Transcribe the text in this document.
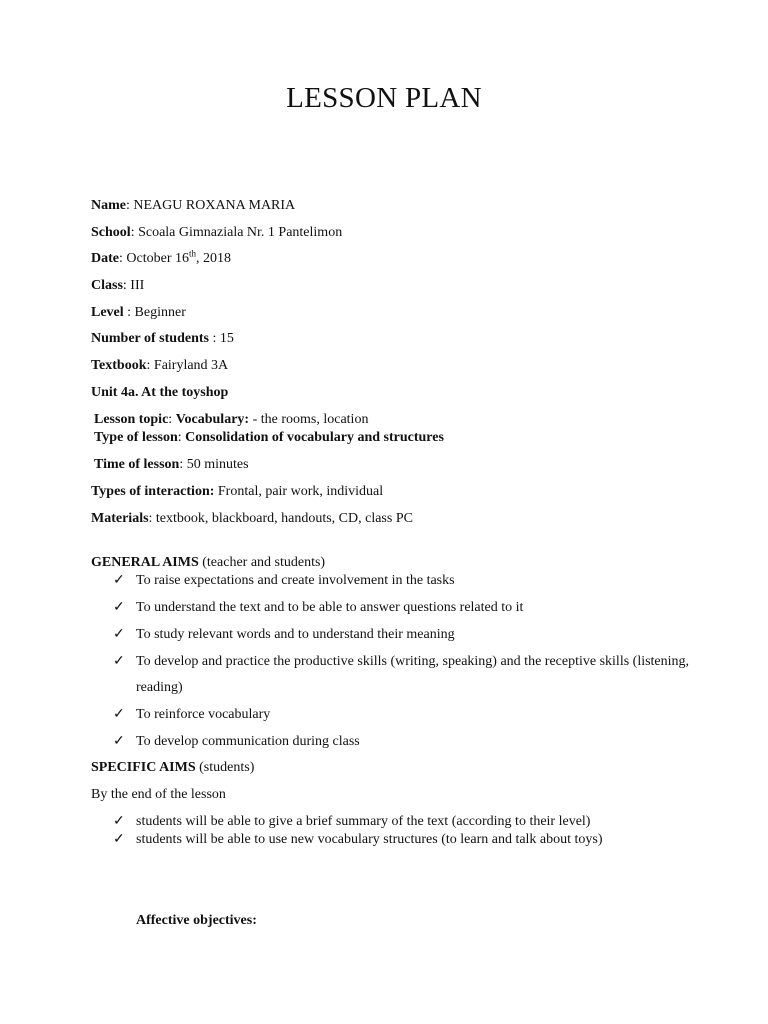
LESSON PLAN
Name: NEAGU ROXANA MARIA
School: Scoala Gimnaziala Nr. 1 Pantelimon
Date: October 16th, 2018
Class: III
Level : Beginner
Number of students : 15
Textbook: Fairyland 3A
Unit 4a. At the toyshop
Lesson topic: Vocabulary: - the rooms, location
Type of lesson: Consolidation of vocabulary and structures
Time of lesson: 50 minutes
Types of interaction: Frontal, pair work, individual
Materials: textbook, blackboard, handouts, CD, class PC
GENERAL AIMS (teacher and students)
✓ To raise expectations and create involvement in the tasks
✓ To understand the text and to be able to answer questions related to it
✓ To study relevant words and to understand their meaning
✓ To develop and practice the productive skills (writing, speaking) and the receptive skills (listening,
reading)
✓ To reinforce vocabulary
✓ To develop communication during class
SPECIFIC AIMS (students)
By the end of the lesson
✓ students will be able to give a brief summary of the text (according to their level)
✓ students will be able to use new vocabulary structures (to learn and talk about toys)
Affective objectives:
